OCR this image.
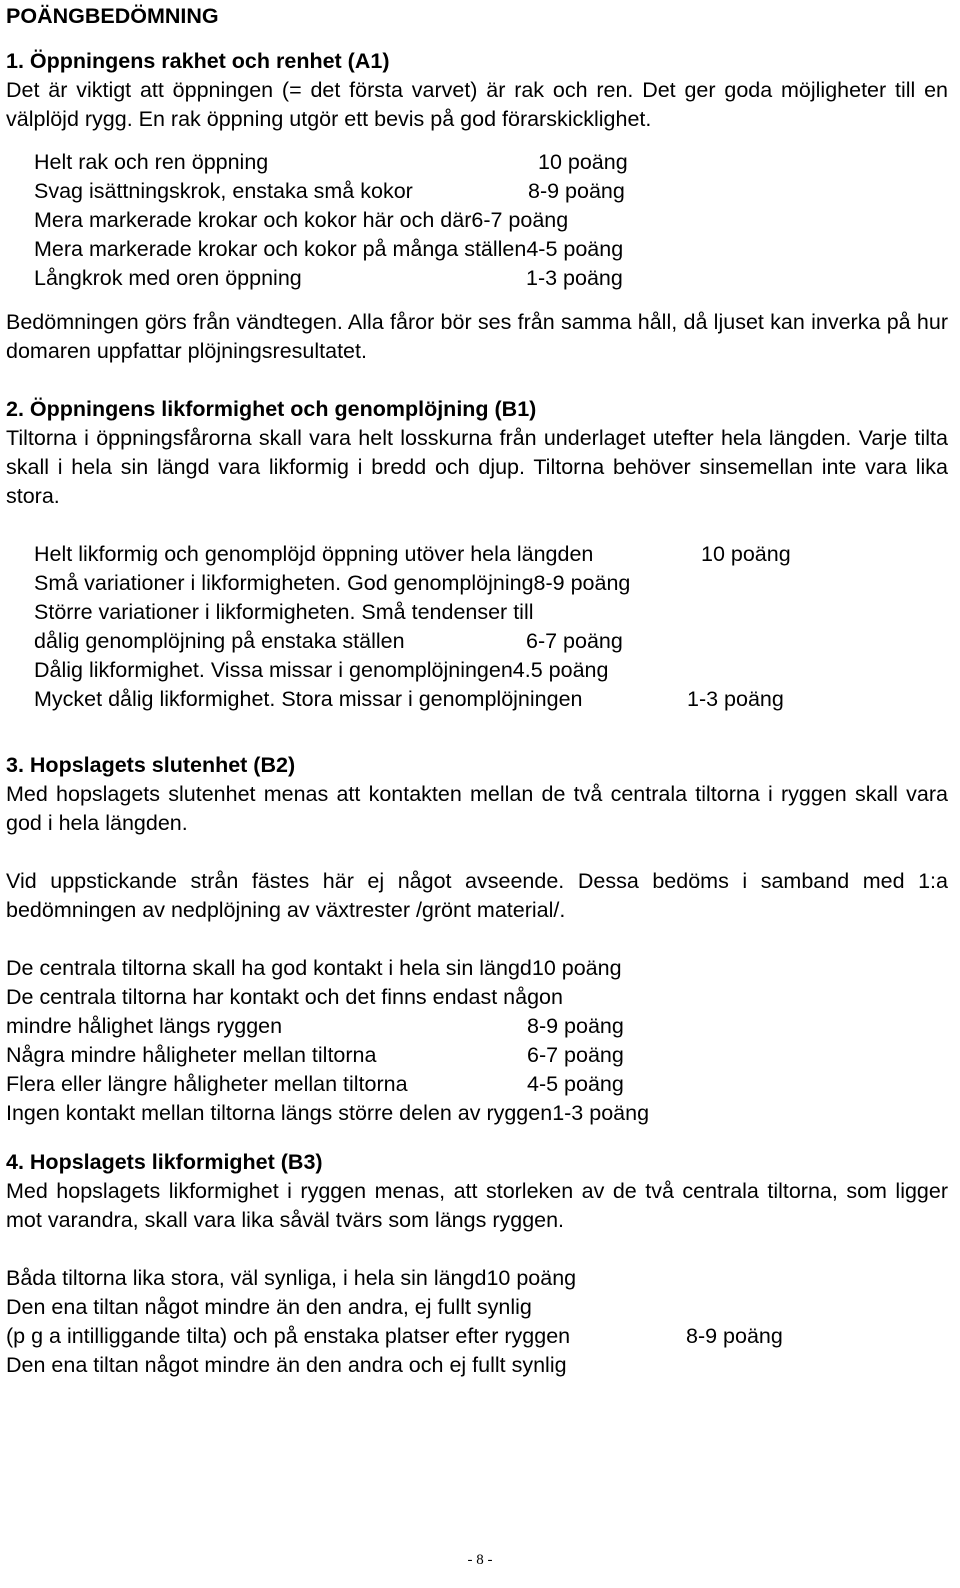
POÄNGBEDÖMNING

1. Öppningens rakhet och renhet (A1)

Det är viktigt att öppningen (= det första varvet) är rak och ren. Det ger goda möjligheter till en välplöjd rygg. En rak öppning utgör ett bevis på god förarskicklighet.

Helt rak och ren öppning	10 poäng
Svag isättningskrok, enstaka små kokor	8-9 poäng
Mera markerade krokar och kokor här och där 6-7 poäng
Mera markerade krokar och kokor på många ställen 4-5 poäng
Långkrok med oren öppning	1-3 poäng

Bedömningen görs från vändtegen. Alla fåror bör ses från samma håll, då ljuset kan inverka på hur domaren uppfattar plöjningsresultatet.

2. Öppningens likformighet och genomplöjning (B1)

Tiltorna i öppningsfårorna skall vara helt losskurna från underlaget utefter hela längden. Varje tilta skall i hela sin längd vara likformig i bredd och djup. Tiltorna behöver sinsemellan inte vara lika stora.

Helt likformig och genomplöjd öppning utöver hela längden	10 poäng
Små variationer i likformigheten. God genomplöjning 8-9 poäng
Större variationer i likformigheten. Små tendenser till
dålig genomplöjning på enstaka ställen	6-7 poäng
Dålig likformighet. Vissa missar i genomplöjningen 4.5 poäng
Mycket dålig likformighet. Stora missar i genomplöjningen	1-3 poäng

3. Hopslagets slutenhet (B2)

Med hopslagets slutenhet menas att kontakten mellan de två centrala tiltorna i ryggen skall vara god i hela längden.

Vid uppstickande strån fästes här ej något avseende. Dessa bedöms i samband med 1:a bedömningen av nedplöjning av växtrester /grönt material/.

De centrala tiltorna skall ha god kontakt i hela sin längd 10 poäng
De centrala tiltorna har kontakt och det finns endast någon
mindre hålighet längs ryggen	8-9 poäng
Några mindre håligheter mellan tiltorna	6-7 poäng
Flera eller längre håligheter mellan tiltorna	4-5 poäng
Ingen kontakt mellan tiltorna längs större delen av ryggen 1-3 poäng

4. Hopslagets likformighet (B3)

Med hopslagets likformighet i ryggen menas, att storleken av de två centrala tiltorna, som ligger mot varandra, skall vara lika såväl tvärs som längs ryggen.

Båda tiltorna lika stora, väl synliga, i hela sin längd 10 poäng
Den ena tiltan något mindre än den andra, ej fullt synlig
(p g a intilliggande tilta) och på enstaka platser efter ryggen	8-9 poäng
Den ena tiltan något mindre än den andra och ej fullt synlig
- 8 -
